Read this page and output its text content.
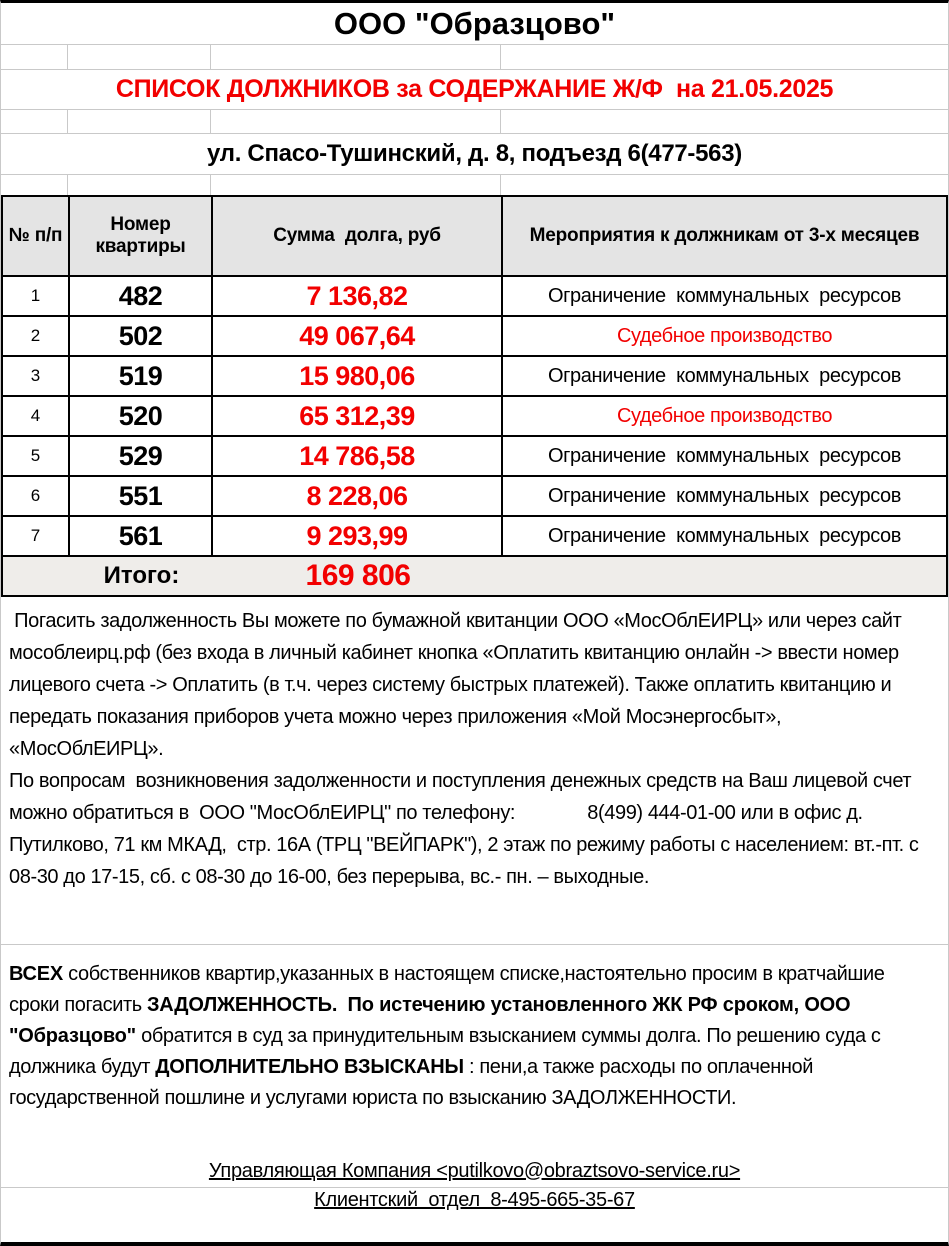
ООО "Образцово"
СПИСОК ДОЛЖНИКОВ за СОДЕРЖАНИЕ Ж/Ф  на 21.05.2025
ул. Спасо-Тушинский, д. 8, подъезд 6(477-563)
№ п/п	Номер квартиры	Сумма  долга, руб	Мероприятия к должникам от 3-х месяцев
1	482	7 136,82	Ограничение  коммунальных  ресурсов
2	502	49 067,64	Судебное производство
3	519	15 980,06	Ограничение  коммунальных  ресурсов
4	520	65 312,39	Судебное производство
5	529	14 786,58	Ограничение  коммунальных  ресурсов
6	551	8 228,06	Ограничение  коммунальных  ресурсов
7	561	9 293,99	Ограничение  коммунальных  ресурсов

Итого: 169 806			
Погасить задолженность Вы можете по бумажной квитанции ООО «МосОблЕИРЦ» или через сайт мособлеирц.рф (без входа в личный кабинет кнопка «Оплатить квитанцию онлайн -> ввести номер лицевого счета -> Оплатить (в т.ч. через систему быстрых платежей). Также оплатить квитанцию и передать показания приборов учета можно через приложения «Мой Мосэнергосбыт», «МосОблЕИРЦ».
По вопросам  возникновения задолженности и поступления денежных средств на Ваш лицевой счет можно обратиться в  ООО "МосОблЕИРЦ" по телефону:              8(499) 444-01-00 или в офис д. Путилково, 71 км МКАД,  стр. 16А (ТРЦ "ВЕЙПАРК"), 2 этаж по режиму работы с населением: вт.-пт. с 08-30 до 17-15, сб. с 08-30 до 16-00, без перерыва, вс.- пн. – выходные.
ВСЕХ собственников квартир,указанных в настоящем списке,настоятельно просим в кратчайшие сроки погасить ЗАДОЛЖЕННОСТЬ. По истечению установленного ЖК РФ сроком, ООО "Образцово" обратится в суд за принудительным взысканием суммы долга. По решению суда с должника будут ДОПОЛНИТЕЛЬНО ВЗЫСКАНЫ : пени,а также расходы по оплаченной государственной пошлине и услугами юриста по взысканию ЗАДОЛЖЕННОСТИ.
Управляющая Компания <putilkovo@obraztsovo-service.ru>
Клиентский  отдел  8-495-665-35-67
